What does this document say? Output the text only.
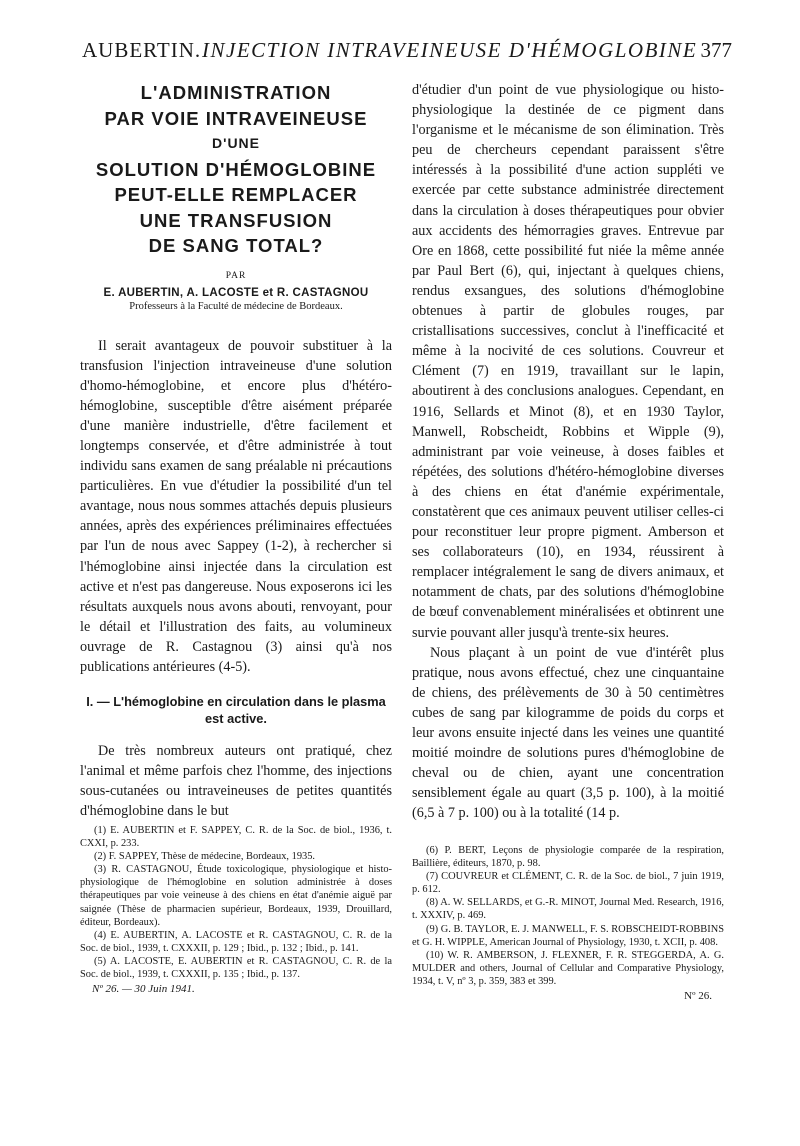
AUBERTIN. INJECTION INTRAVEINEUSE D'HÉMOGLOBINE 377
L'ADMINISTRATION
PAR VOIE INTRAVEINEUSE
D'UNE
SOLUTION D'HÉMOGLOBINE
PEUT-ELLE REMPLACER
UNE TRANSFUSION
DE SANG TOTAL?
PAR
E. AUBERTIN, A. LACOSTE et R. CASTAGNOU
Professeurs à la Faculté de médecine de Bordeaux.

Il serait avantageux de pouvoir substituer à la transfusion l'injection intraveineuse d'une solution d'homo-hémoglobine, et encore plus d'hétéro-hémoglobine, susceptible d'être aisément préparée d'une manière industrielle, d'être facilement et longtemps conservée, et d'être administrée à tout individu sans examen de sang préalable ni précautions particulières. En vue d'étudier la possibilité d'un tel avantage, nous nous sommes attachés depuis plusieurs années, après des expériences préliminaires effectuées par l'un de nous avec Sappey (1-2), à rechercher si l'hémoglobine ainsi injectée dans la circulation est active et n'est pas dangereuse. Nous exposerons ici les résultats auxquels nous avons abouti, renvoyant, pour le détail et l'illustration des faits, au volumineux ouvrage de R. Castagnou (3) ainsi qu'à nos publications antérieures (4-5).

I. — L'hémoglobine en circulation dans le plasma est active.

De très nombreux auteurs ont pratiqué, chez l'animal et même parfois chez l'homme, des injections sous-cutanées ou intraveineuses de petites quantités d'hémoglobine dans le but

d'étudier d'un point de vue physiologique ou histo-physiologique la destinée de ce pigment dans l'organisme et le mécanisme de son élimination. Très peu de chercheurs cependant paraissent s'être intéressés à la possibilité d'une action suppléti ve exercée par cette substance administrée directement dans la circulation à doses thérapeutiques pour obvier aux accidents des hémorragies graves. Entrevue par Ore en 1868, cette possibilité fut niée la même année par Paul Bert (6), qui, injectant à quelques chiens, rendus exsangues, des solutions d'hémoglobine obtenues à partir de globules rouges, par cristallisations successives, conclut à l'inefficacité et même à la nocivité de ces solutions. Couvreur et Clément (7) en 1919, travaillant sur le lapin, aboutirent à des conclusions analogues. Cependant, en 1916, Sellards et Minot (8), et en 1930 Taylor, Manwell, Robscheidt, Robbins et Wipple (9), administrant par voie veineuse, à doses faibles et répétées, des solutions d'hétéro-hémoglobine diverses à des chiens en état d'anémie expérimentale, constatèrent que ces animaux peuvent utiliser celles-ci pour reconstituer leur propre pigment. Amberson et ses collaborateurs (10), en 1934, réussirent à remplacer intégralement le sang de divers animaux, et notamment de chats, par des solutions d'hémoglobine de bœuf convenablement minéralisées et obtinrent une survie pouvant aller jusqu'à trente-six heures.

Nous plaçant à un point de vue d'intérêt plus pratique, nous avons effectué, chez une cinquantaine de chiens, des prélèvements de 30 à 50 centimètres cubes de sang par kilogramme de poids du corps et leur avons ensuite injecté dans les veines une quantité moitié moindre de solutions pures d'hémoglobine de cheval ou de chien, ayant une concentration sensiblement égale au quart (3,5 p. 100), à la moitié (6,5 à 7 p. 100) ou à la totalité (14 p.

(1) E. AUBERTIN et F. SAPPEY, C. R. de la Soc. de biol., 1936, t. CXXI, p. 233.

(2) F. SAPPEY, Thèse de médecine, Bordeaux, 1935.

(3) R. CASTAGNOU, Étude toxicologique, physiologique et histo-physiologique de l'hémoglobine en solution administrée à doses thérapeutiques par voie veineuse à des chiens en état d'anémie aiguë par saignée (Thèse de pharmacien supérieur, Bordeaux, 1939, Drouillard, éditeur, Bordeaux).

(4) E. AUBERTIN, A. LACOSTE et R. CASTAGNOU, C. R. de la Soc. de biol., 1939, t. CXXXII, p. 129 ; Ibid., p. 132 ; Ibid., p. 141.

(5) A. LACOSTE, E. AUBERTIN et R. CASTAGNOU, C. R. de la Soc. de biol., 1939, t. CXXXII, p. 135 ; Ibid., p. 137.

Nº 26. — 30 Juin 1941.

(6) P. BERT, Leçons de physiologie comparée de la respiration, Baillière, éditeurs, 1870, p. 98.

(7) COUVREUR et CLÉMENT, C. R. de la Soc. de biol., 7 juin 1919, p. 612.

(8) A. W. SELLARDS, et G.-R. MINOT, Journal Med. Research, 1916, t. XXXIV, p. 469.

(9) G. B. TAYLOR, E. J. MANWELL, F. S. ROBSCHEIDT-ROBBINS et G. H. WIPPLE, American Journal of Physiology, 1930, t. XCII, p. 408.

(10) W. R. AMBERSON, J. FLEXNER, F. R. STEGGERDA, A. G. MULDER and others, Journal of Cellular and Comparative Physiology, 1934, t. V, nº 3, p. 359, 383 et 399.

Nº 26.
